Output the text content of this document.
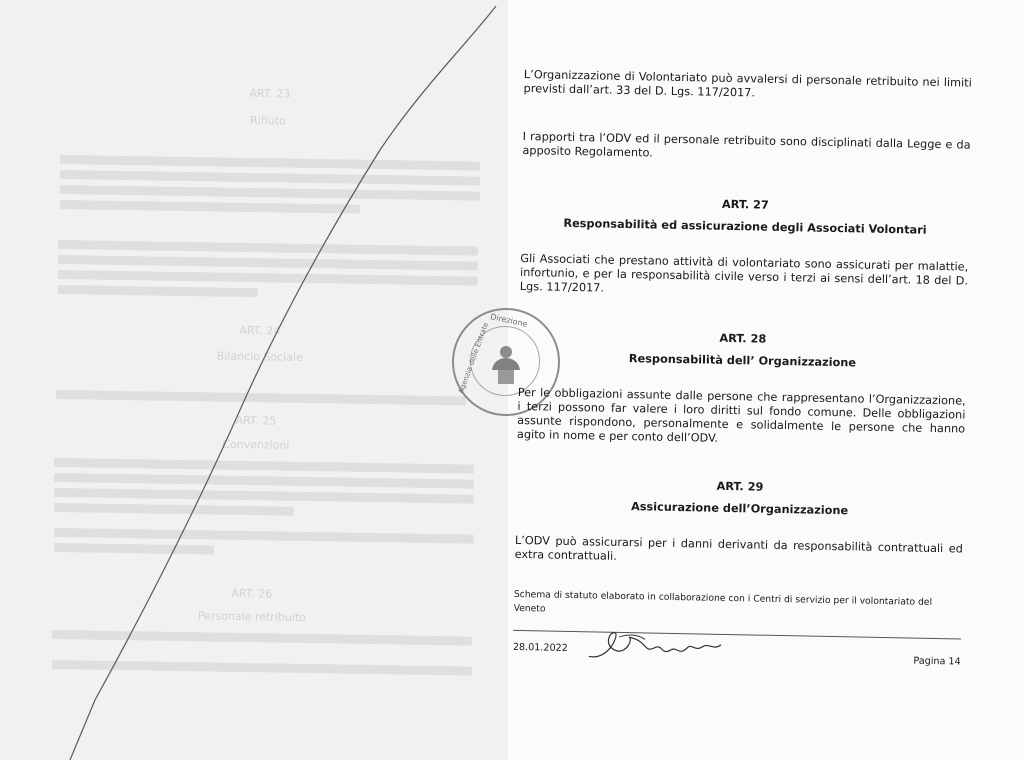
ART. 23
Rifiuto
ART. 24
Bilancio Sociale
ART. 25
Convenzioni
ART. 26
Personale retribuito
Direzione
Agenzia delle Entrate
L’Organizzazione di Volontariato può avvalersi di personale retribuito nei limiti previsti dall’art. 33 del D. Lgs. 117/2017.
I rapporti tra l’ODV ed il personale retribuito sono disciplinati dalla Legge e da apposito Regolamento.
ART. 27
Responsabilità ed assicurazione degli Associati Volontari
Gli Associati che prestano attività di volontariato sono assicurati per malattie, infortunio, e per la responsabilità civile verso i terzi ai sensi dell’art. 18 del D. Lgs. 117/2017.
ART. 28
Responsabilità dell’ Organizzazione
Per le obbligazioni assunte dalle persone che rappresentano l’Organizzazione, i terzi possono far valere i loro diritti sul fondo comune. Delle obbligazioni assunte rispondono, personalmente e solidalmente le persone che hanno agito in nome e per conto dell’ODV.
ART. 29
Assicurazione dell’Organizzazione
L’ODV può assicurarsi per i danni derivanti da responsabilità contrattuali ed extra contrattuali.
Schema di statuto elaborato in collaborazione con i Centri di servizio per il volontariato del Veneto
28.01.2022
Pagina 14
